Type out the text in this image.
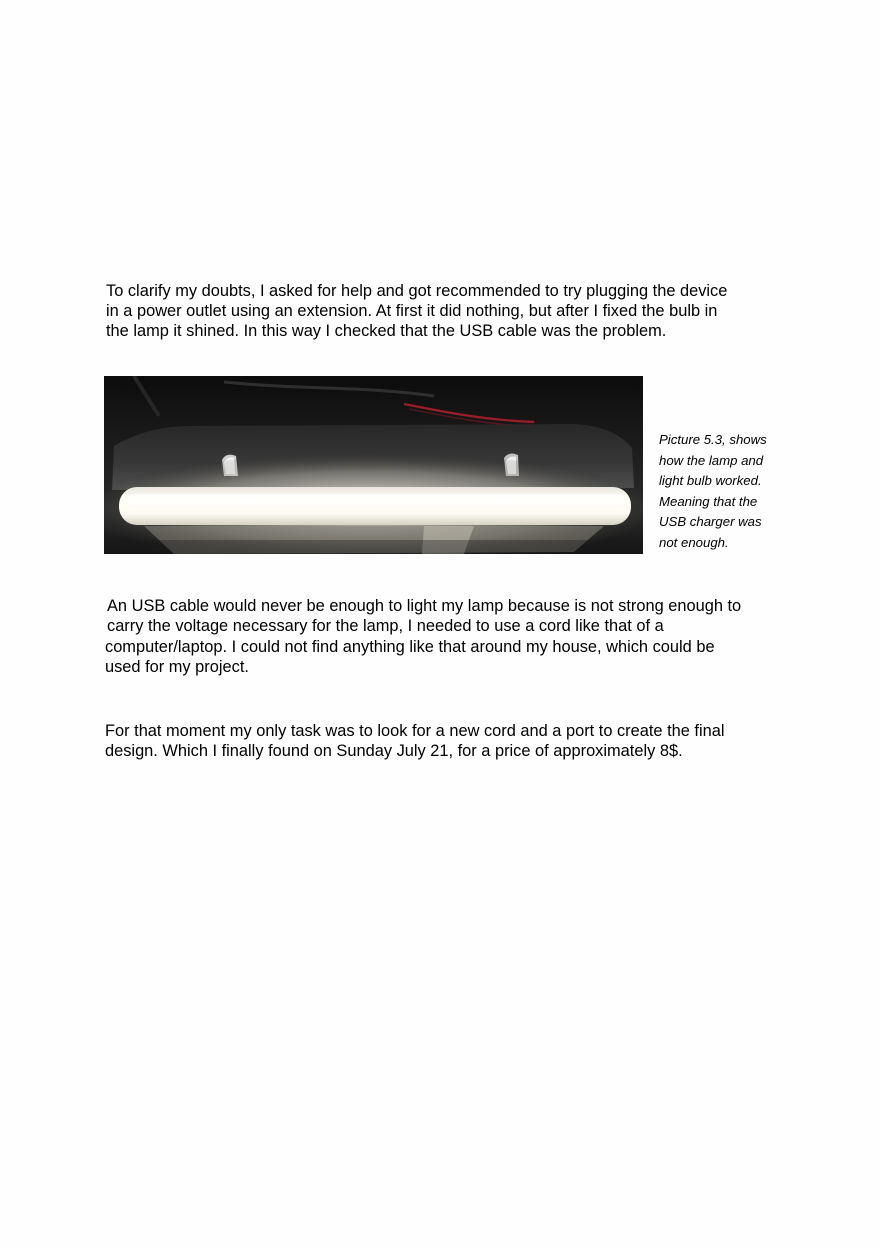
To clarify my doubts, I asked for help and got recommended to try plugging the device
in a power outlet using an extension. At first it did nothing, but after I fixed the bulb in
the lamp it shined. In this way I checked that the USB cable was the problem.

Picture 5.3, shows
how the lamp and
light bulb worked.
Meaning that the
USB charger was
not enough.

An USB cable would never be enough to light my lamp because is not strong enough to
carry the voltage necessary for the lamp, I needed to use a cord like that of a
computer/laptop. I could not find anything like that around my house, which could be
used for my project.

For that moment my only task was to look for a new cord and a port to create the final
design. Which I finally found on Sunday July 21, for a price of approximately 8$.
